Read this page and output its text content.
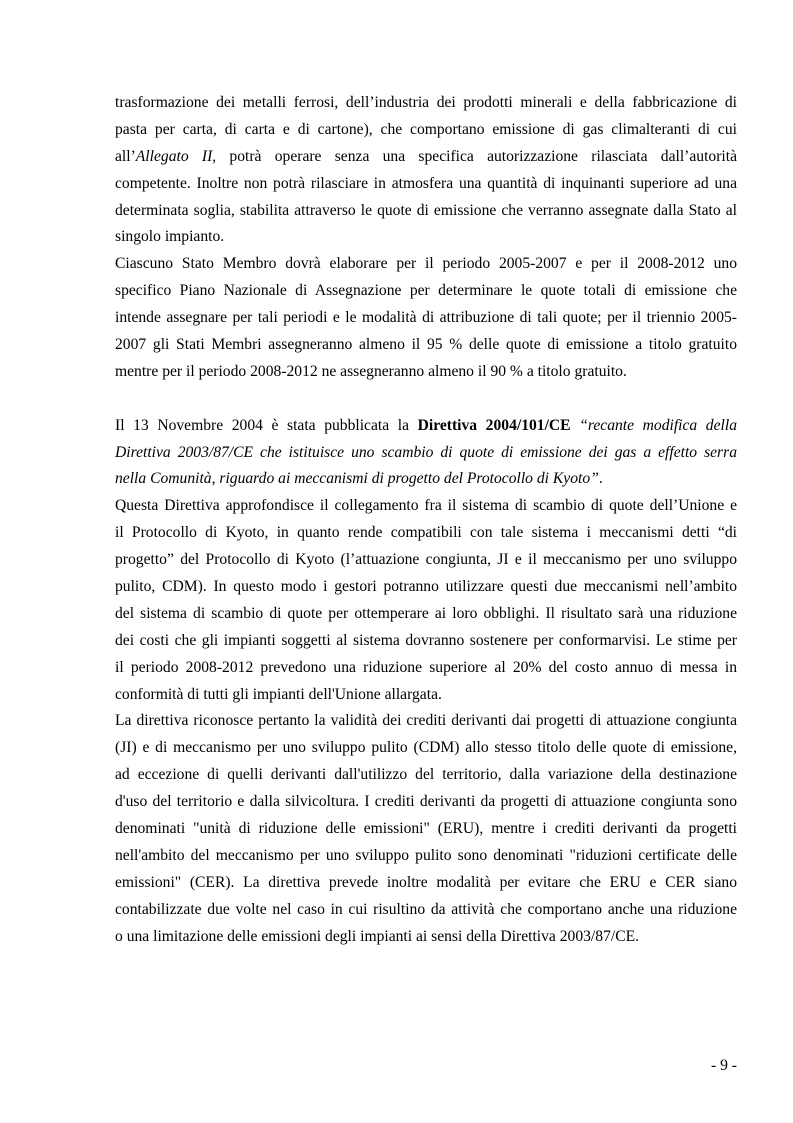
trasformazione dei metalli ferrosi, dell’industria dei prodotti minerali e della fabbricazione di
pasta per carta, di carta e di cartone), che comportano emissione di gas climalteranti di cui
all’Allegato II, potrà operare senza una specifica autorizzazione rilasciata dall’autorità
competente. Inoltre non potrà rilasciare in atmosfera una quantità di inquinanti superiore ad una
determinata soglia, stabilita attraverso le quote di emissione che verranno assegnate dalla Stato al
singolo impianto.
Ciascuno Stato Membro dovrà elaborare per il periodo 2005-2007 e per il 2008-2012 uno
specifico Piano Nazionale di Assegnazione per determinare le quote totali di emissione che
intende assegnare per tali periodi e le modalità di attribuzione di tali quote; per il triennio 2005-
2007 gli Stati Membri assegneranno almeno il 95 % delle quote di emissione a titolo gratuito
mentre per il periodo 2008-2012 ne assegneranno almeno il 90 % a titolo gratuito.
Il 13 Novembre 2004 è stata pubblicata la Direttiva 2004/101/CE “recante modifica della
Direttiva 2003/87/CE che istituisce uno scambio di quote di emissione dei gas a effetto serra
nella Comunità, riguardo ai meccanismi di progetto del Protocollo di Kyoto”.
Questa Direttiva approfondisce il collegamento fra il sistema di scambio di quote dell’Unione e
il Protocollo di Kyoto, in quanto rende compatibili con tale sistema i meccanismi detti “di
progetto” del Protocollo di Kyoto (l’attuazione congiunta, JI e il meccanismo per uno sviluppo
pulito, CDM). In questo modo i gestori potranno utilizzare questi due meccanismi nell’ambito
del sistema di scambio di quote per ottemperare ai loro obblighi. Il risultato sarà una riduzione
dei costi che gli impianti soggetti al sistema dovranno sostenere per conformarvisi. Le stime per
il periodo 2008-2012 prevedono una riduzione superiore al 20% del costo annuo di messa in
conformità di tutti gli impianti dell'Unione allargata.
La direttiva riconosce pertanto la validità dei crediti derivanti dai progetti di attuazione congiunta
(JI) e di meccanismo per uno sviluppo pulito (CDM) allo stesso titolo delle quote di emissione,
ad eccezione di quelli derivanti dall'utilizzo del territorio, dalla variazione della destinazione
d'uso del territorio e dalla silvicoltura. I crediti derivanti da progetti di attuazione congiunta sono
denominati "unità di riduzione delle emissioni" (ERU), mentre i crediti derivanti da progetti
nell'ambito del meccanismo per uno sviluppo pulito sono denominati "riduzioni certificate delle
emissioni" (CER). La direttiva prevede inoltre modalità per evitare che ERU e CER siano
contabilizzate due volte nel caso in cui risultino da attività che comportano anche una riduzione
o una limitazione delle emissioni degli impianti ai sensi della Direttiva 2003/87/CE.
- 9 -
